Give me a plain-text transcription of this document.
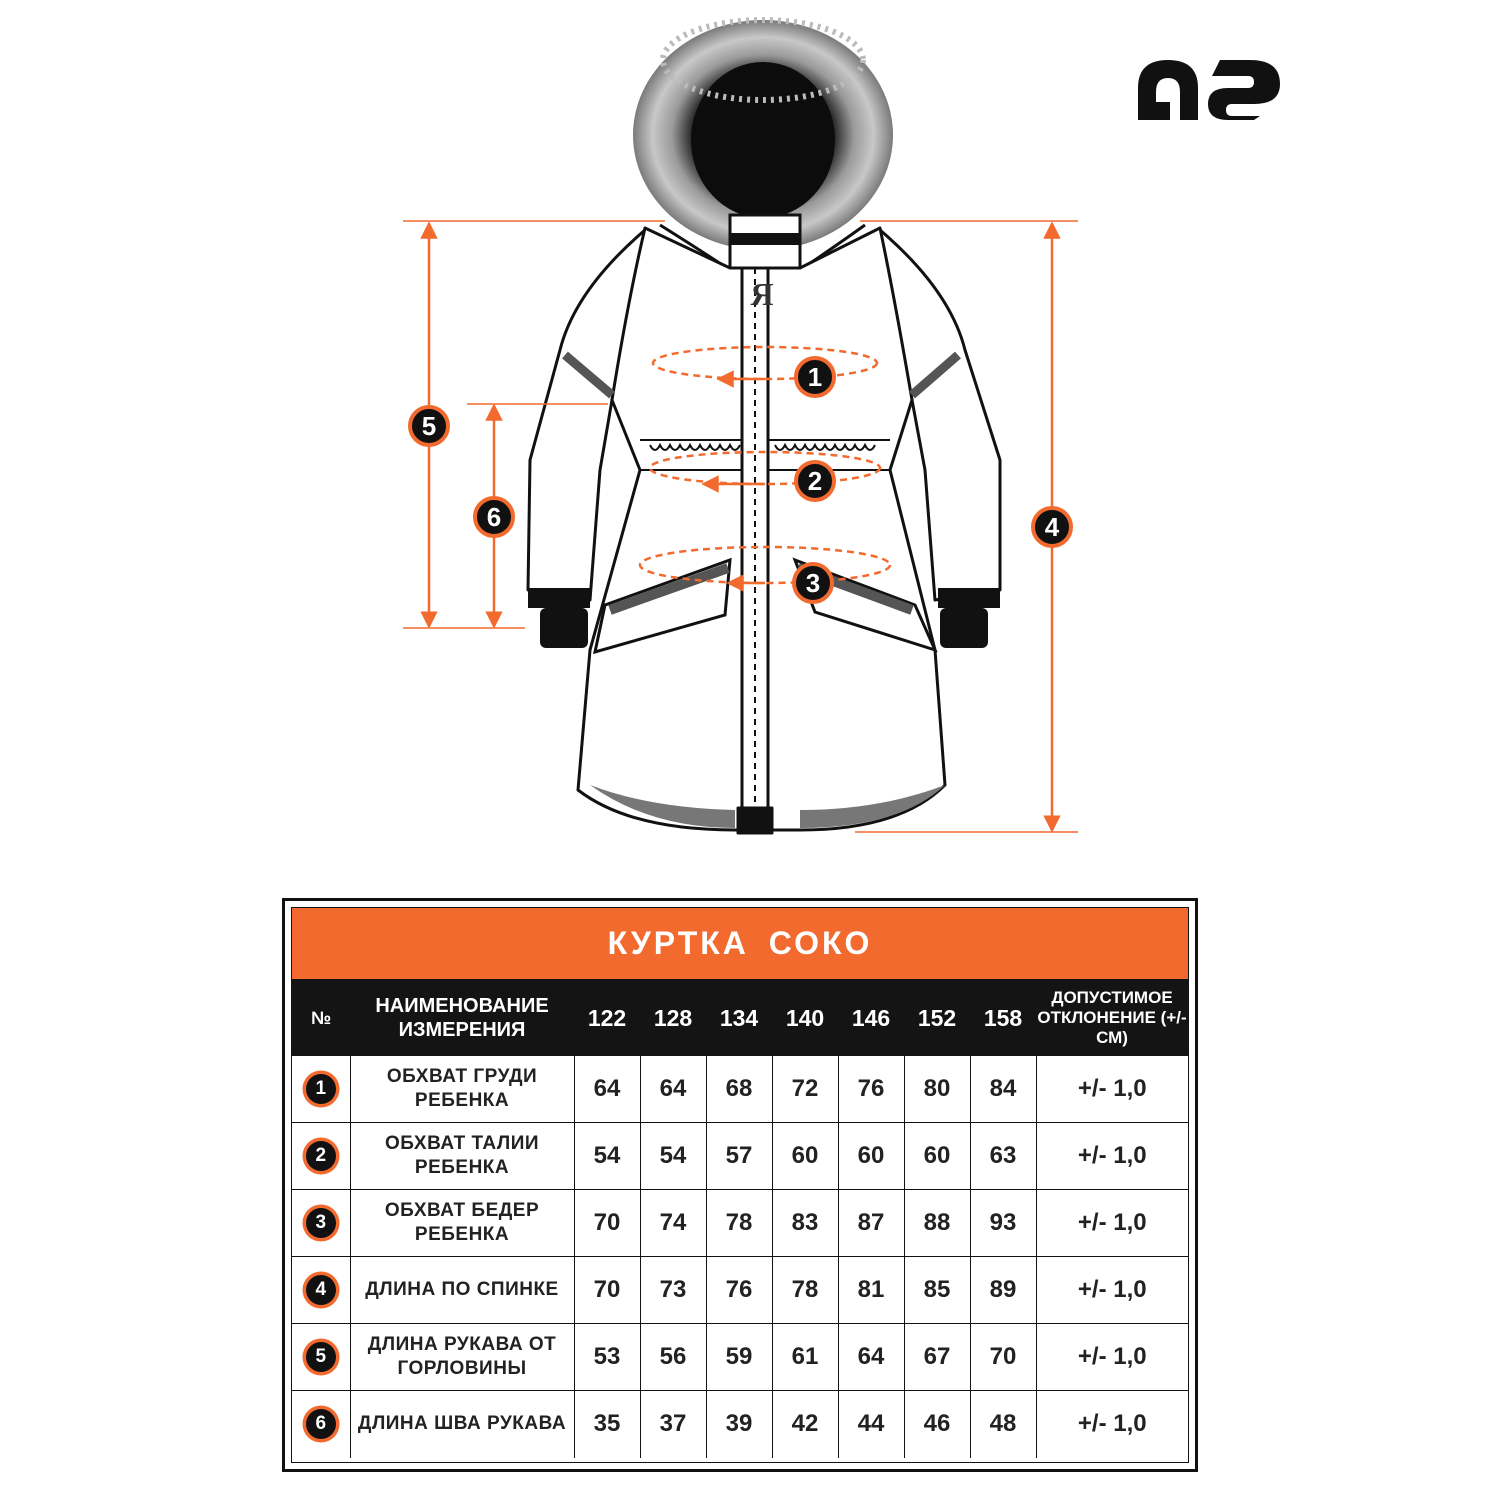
Я
1
2
3
4
5
6
КУРТКА СОКО
№	НАИМЕНОВАНИЕ ИЗМЕРЕНИЯ	122	128	134	140	146	152	158	ДОПУСТИМОЕ ОТКЛОНЕНИЕ (+/-СМ)
1	ОБХВАТ ГРУДИ РЕБЕНКА	64	64	68	72	76	80	84	+/- 1,0
2	ОБХВАТ ТАЛИИ РЕБЕНКА	54	54	57	60	60	60	63	+/- 1,0
3	ОБХВАТ БЕДЕР РЕБЕНКА	70	74	78	83	87	88	93	+/- 1,0
4	ДЛИНА ПО СПИНКЕ	70	73	76	78	81	85	89	+/- 1,0
5	ДЛИНА РУКАВА ОТ ГОРЛОВИНЫ	53	56	59	61	64	67	70	+/- 1,0
6	ДЛИНА ШВА РУКАВА	35	37	39	42	44	46	48	+/- 1,0
